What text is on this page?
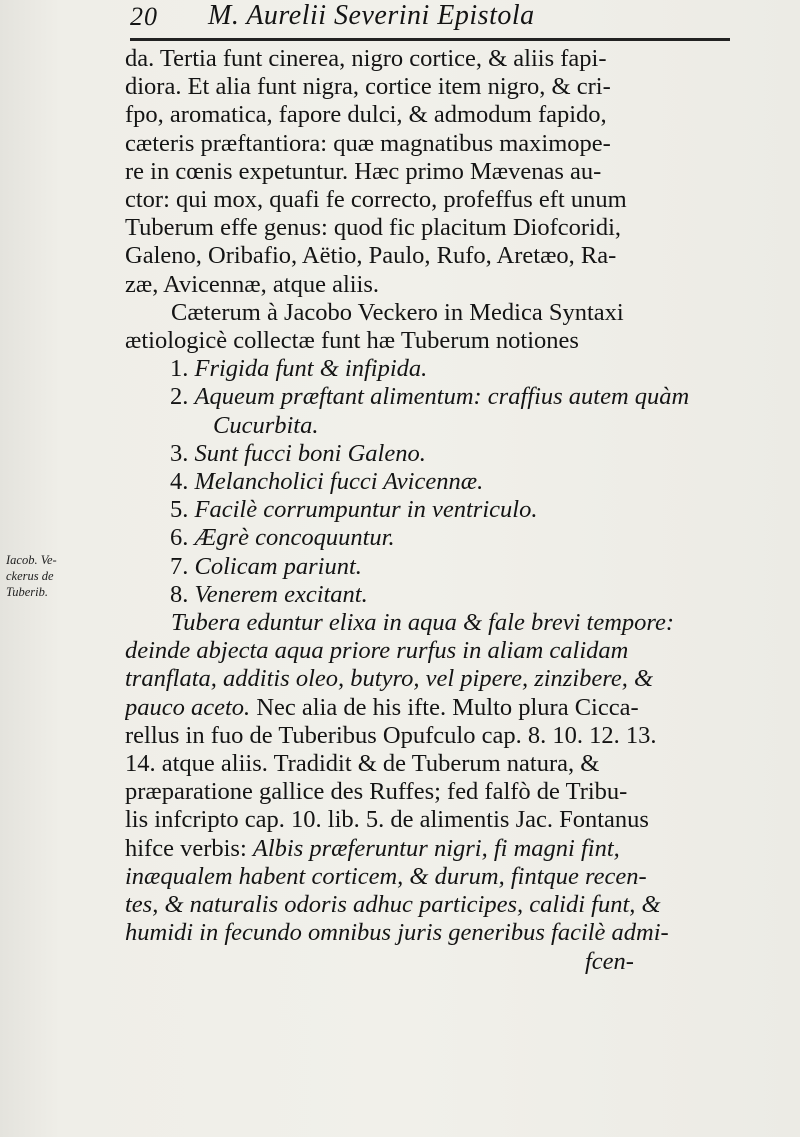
20 M. Aurelii Severini Epistola
Iacob. Ve-
ckerus de
Tuberib.
da. Tertia funt cinerea, nigro cortice, & aliis fapi-
diora. Et alia funt nigra, cortice item nigro, & cri-
fpo, aromatica, fapore dulci, & admodum fapido,
cæteris præftantiora: quæ magnatibus maximope-
re in cœnis expetuntur. Hæc primo Mævenas au-
ctor: qui mox, quafi fe correcto, profeffus eft unum
Tuberum effe genus: quod fic placitum Diofcoridi,
Galeno, Oribafio, Aëtio, Paulo, Rufo, Aretæo, Ra-
zæ, Avicennæ, atque aliis.
Cæterum à Jacobo Veckero in Medica Syntaxi
ætiologicè collectæ funt hæ Tuberum notiones
1. Frigida funt & infipida.
2. Aqueum præftant alimentum: craffius autem quàm
Cucurbita.
3. Sunt fucci boni Galeno.
4. Melancholici fucci Avicennæ.
5. Facilè corrumpuntur in ventriculo.
6. Ægrè concoquuntur.
7. Colicam pariunt.
8. Venerem excitant.
Tubera eduntur elixa in aqua & fale brevi tempore:
deinde abjecta aqua priore rurfus in aliam calidam
tranflata, additis oleo, butyro, vel pipere, zinzibere, &
pauco aceto. Nec alia de his ifte. Multo plura Cicca-
rellus in fuo de Tuberibus Opufculo cap. 8. 10. 12. 13.
14. atque aliis. Tradidit & de Tuberum natura, &
præparatione gallice des Ruffes; fed falfò de Tribu-
lis infcripto cap. 10. lib. 5. de alimentis Jac. Fontanus
hifce verbis: Albis præferuntur nigri, fi magni fint,
inæqualem habent corticem, & durum, fintque recen-
tes, & naturalis odoris adhuc participes, calidi funt, &
humidi in fecundo omnibus juris generibus facilè admi-
fcen-
